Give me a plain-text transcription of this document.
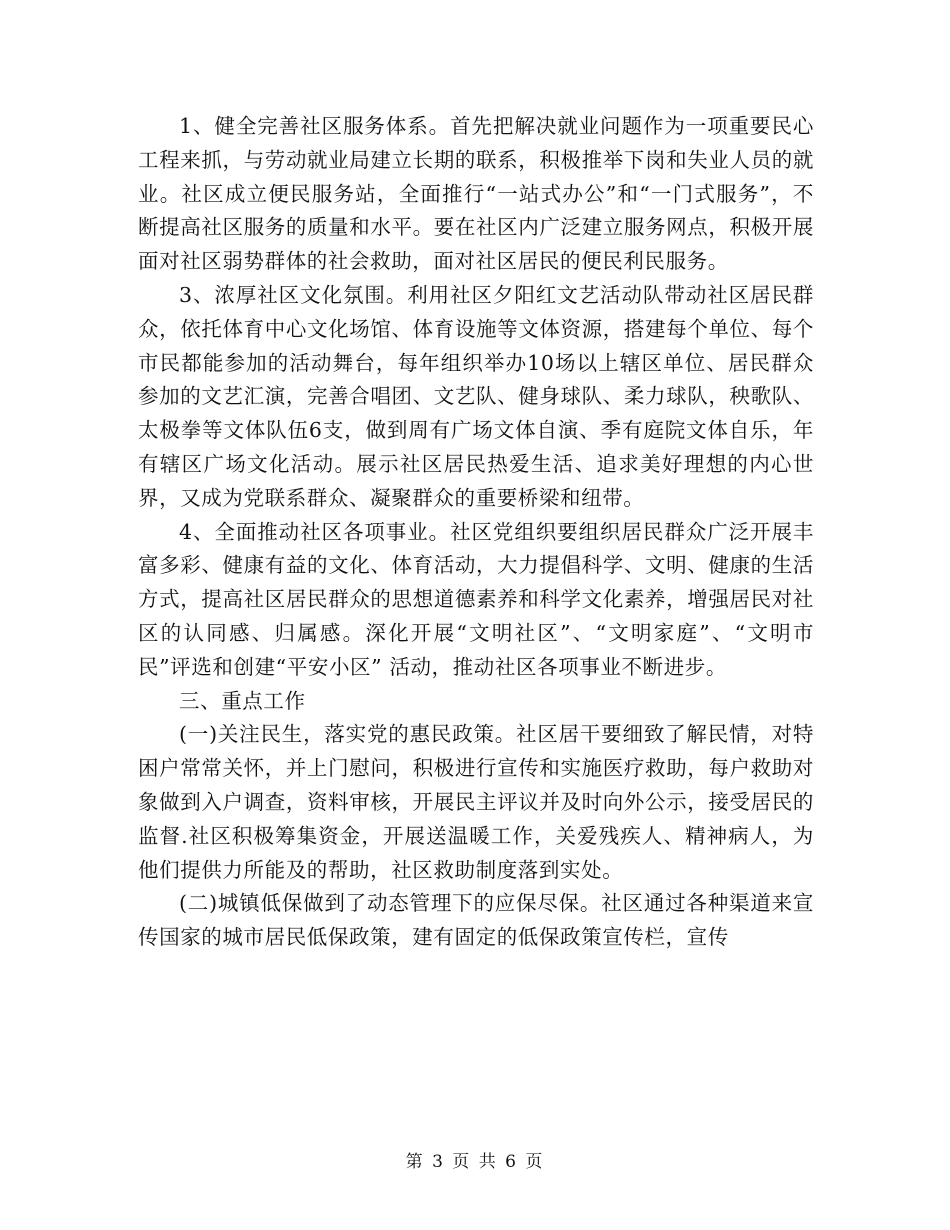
1、健全完善社区服务体系。首先把解决就业问题作为一项重要民心工程来抓，与劳动就业局建立长期的联系，积极推举下岗和失业人员的就业。社区成立便民服务站，全面推行“一站式办公”和“一门式服务”，不断提高社区服务的质量和水平。要在社区内广泛建立服务网点，积极开展面对社区弱势群体的社会救助，面对社区居民的便民利民服务。

3、浓厚社区文化氛围。利用社区夕阳红文艺活动队带动社区居民群众，依托体育中心文化场馆、体育设施等文体资源，搭建每个单位、每个市民都能参加的活动舞台，每年组织举办10场以上辖区单位、居民群众参加的文艺汇演，完善合唱团、文艺队、健身球队、柔力球队，秧歌队、太极拳等文体队伍6支，做到周有广场文体自演、季有庭院文体自乐，年有辖区广场文化活动。展示社区居民热爱生活、追求美好理想的内心世界，又成为党联系群众、凝聚群众的重要桥梁和纽带。

4、全面推动社区各项事业。社区党组织要组织居民群众广泛开展丰富多彩、健康有益的文化、体育活动，大力提倡科学、文明、健康的生活方式，提高社区居民群众的思想道德素养和科学文化素养，增强居民对社区的认同感、归属感。深化开展“文明社区”、“文明家庭”、“文明市民”评选和创建“平安小区” 活动，推动社区各项事业不断进步。

三、重点工作

(一)关注民生，落实党的惠民政策。社区居干要细致了解民情，对特困户常常关怀，并上门慰问，积极进行宣传和实施医疗救助，每户救助对象做到入户调查，资料审核，开展民主评议并及时向外公示，接受居民的监督.社区积极筹集资金，开展送温暖工作，关爱残疾人、精神病人，为他们提供力所能及的帮助，社区救助制度落到实处。

(二)城镇低保做到了动态管理下的应保尽保。社区通过各种渠道来宣传国家的城市居民低保政策，建有固定的低保政策宣传栏，宣传

第 3 页 共 6 页
